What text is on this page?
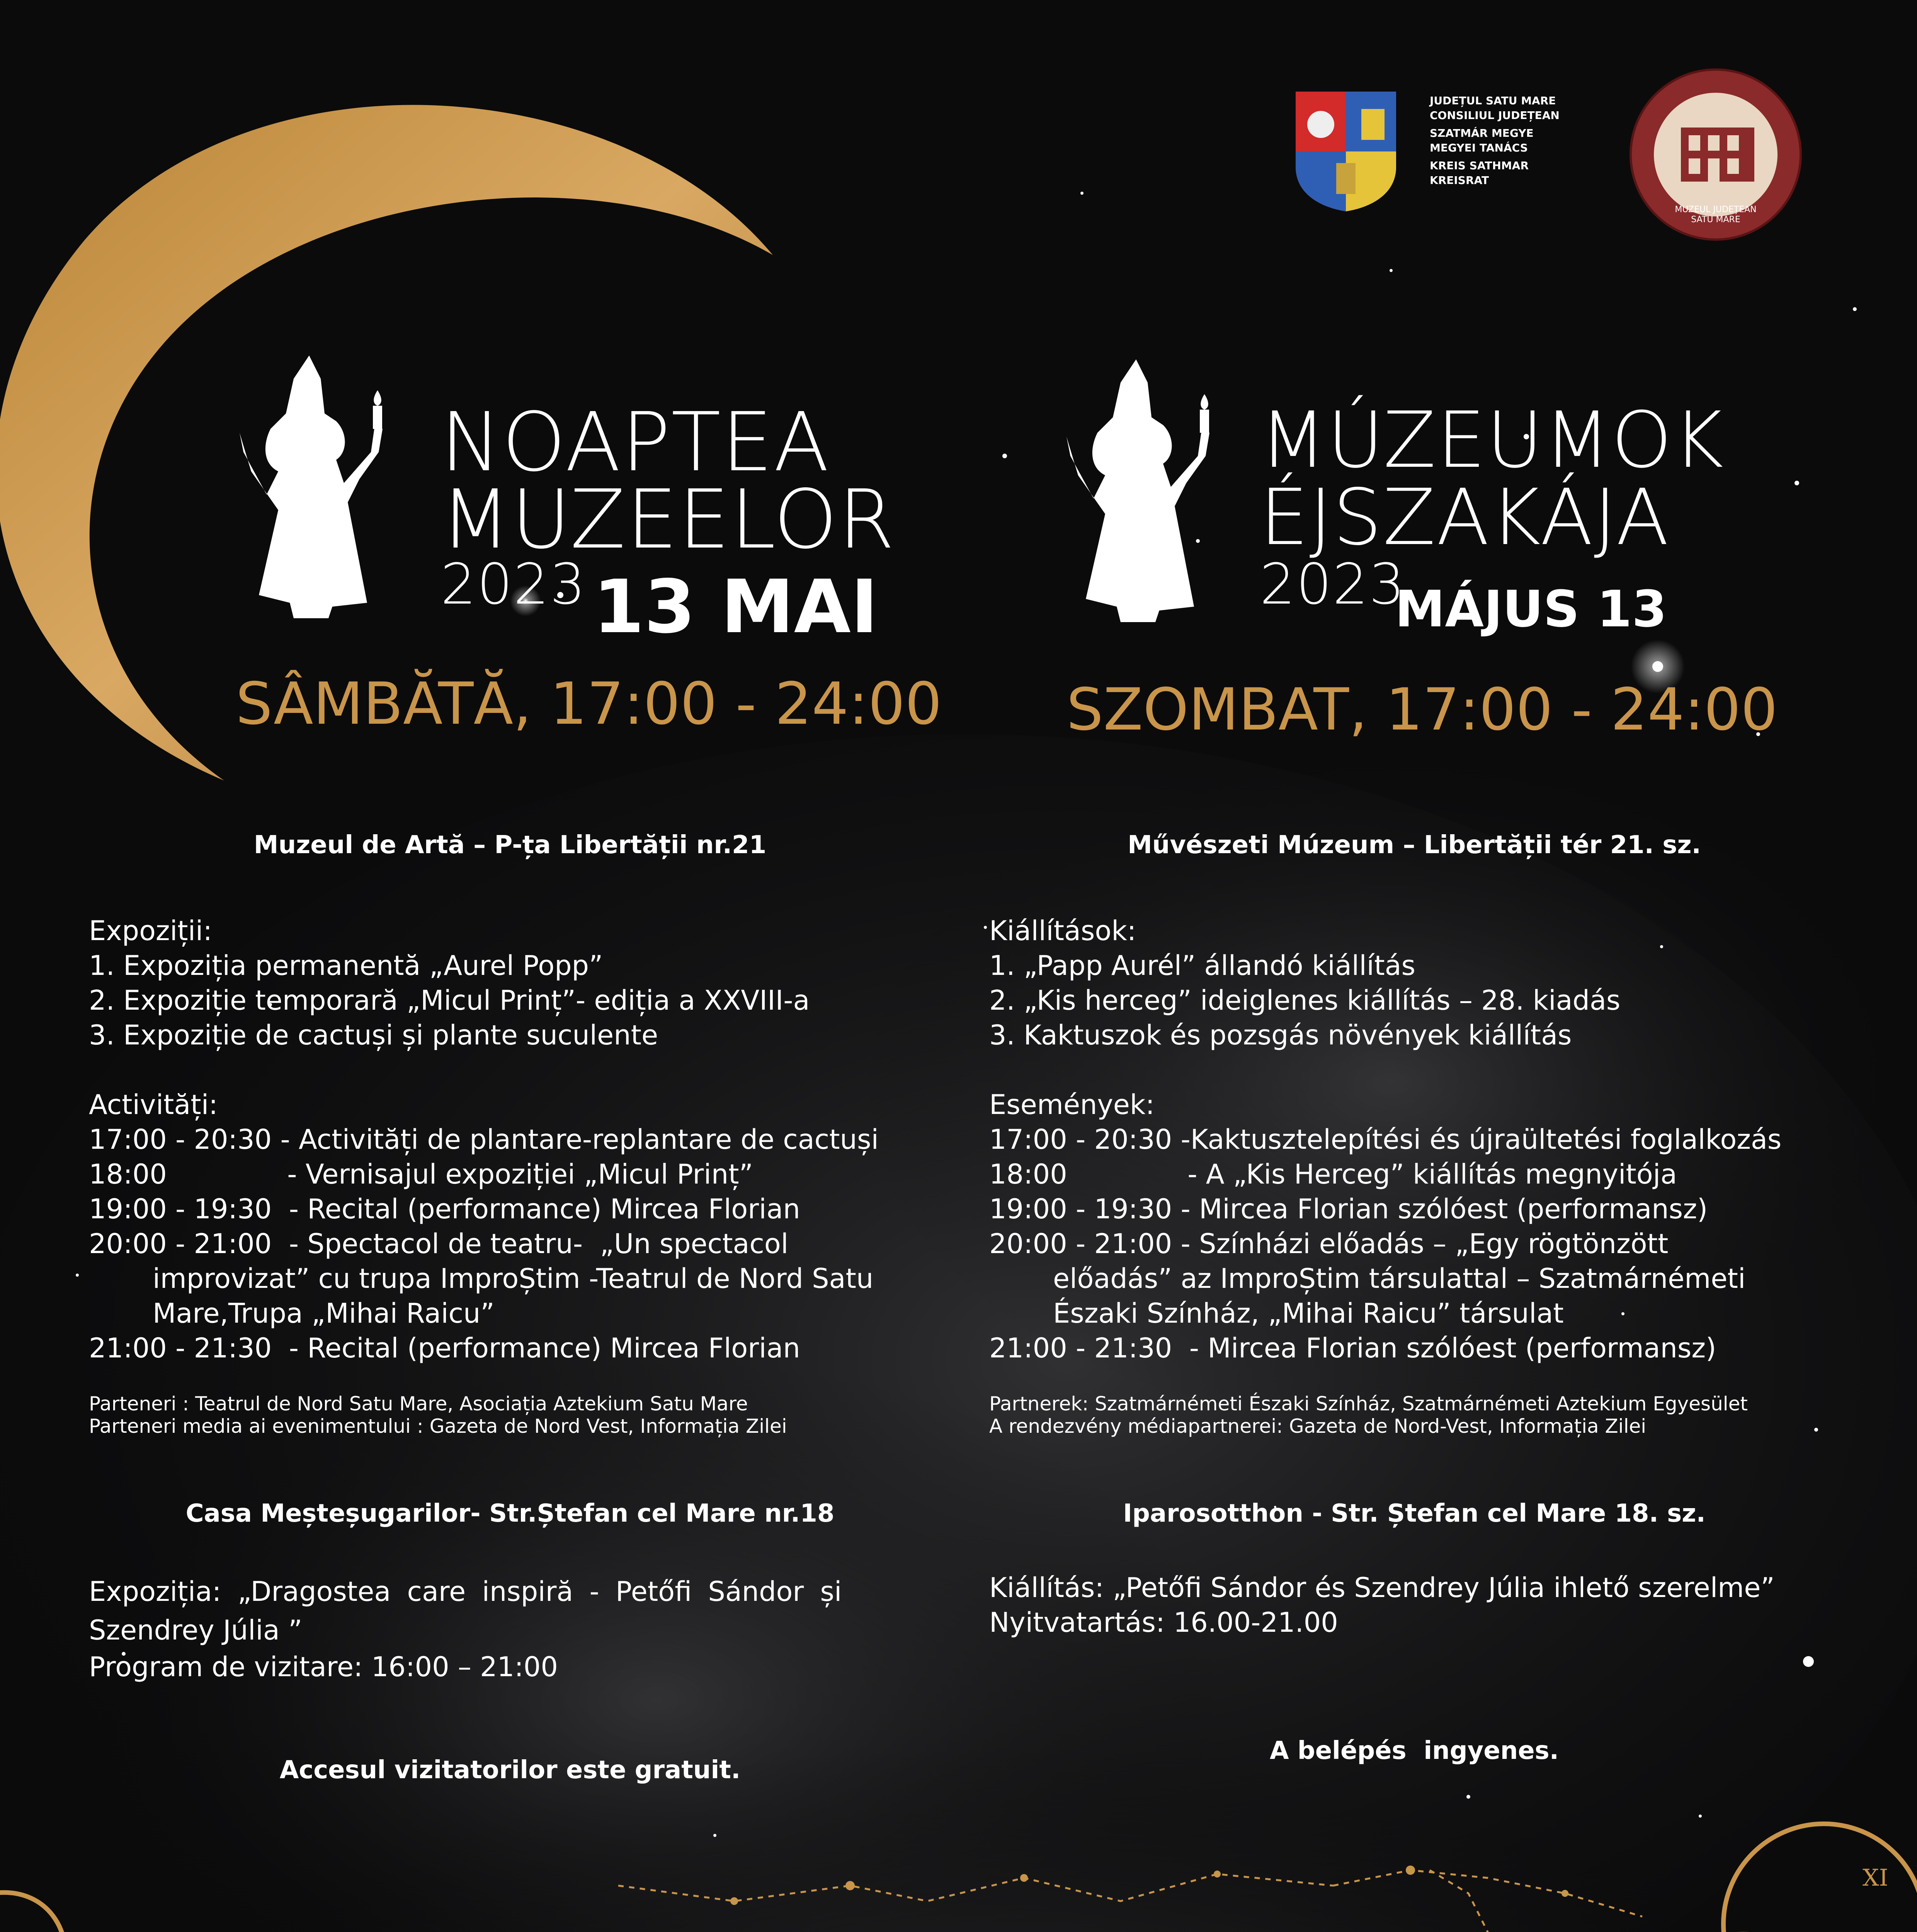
XI
JUDEȚUL SATU MARE
CONSILIUL JUDEȚEAN
SZATMÁR MEGYE
MEGYEI TANÁCS
KREIS SATHMAR
KREISRAT
MUZEUL JUDEȚEAN
SATU MARE
NOAPTEA
MUZEELOR
2023 13 MAI
SÂMBĂTĂ, 17:00 - 24:00
MÚZEUMOK
ÉJSZAKÁJA
2023
MÁJUS 13
SZOMBAT, 17:00 - 24:00
Muzeul de Artă – P-ța Libertății nr.21
Expoziții:
1. Expoziția permanentă „Aurel Popp”
2. Expoziție temporară „Micul Prinț”- ediția a XXVIII-a
3. Expoziție de cactuși și plante suculente
Activități:
17:00 - 20:30 - Activități de plantare-replantare de cactuși
18:00              - Vernisajul expoziției „Micul Prinț”
19:00 - 19:30  - Recital (performance) Mircea Florian
20:00 - 21:00  - Spectacol de teatru-  „Un spectacol
improvizat” cu trupa ImproȘtim -Teatrul de Nord Satu
Mare,Trupa „Mihai Raicu”
21:00 - 21:30  - Recital (performance) Mircea Florian
Parteneri : Teatrul de Nord Satu Mare, Asociația Aztekium Satu Mare
Parteneri media ai evenimentului : Gazeta de Nord Vest, Informația Zilei
Casa Meșteșugarilor- Str.Ștefan cel Mare nr.18
Expoziția: „Dragostea care inspiră - Petőfi Sándor și
Szendrey Júlia ”
Program de vizitare: 16:00 – 21:00
Accesul vizitatorilor este gratuit.
Művészeti Múzeum – Libertății tér 21. sz.
Kiállítások:
1. „Papp Aurél” állandó kiállítás
2. „Kis herceg” ideiglenes kiállítás – 28. kiadás
3. Kaktuszok és pozsgás növények kiállítás
Események:
17:00 - 20:30 -Kaktusztelepítési és újraültetési foglalkozás
18:00              - A „Kis Herceg” kiállítás megnyitója
19:00 - 19:30 - Mircea Florian szólóest (performansz)
20:00 - 21:00 - Színházi előadás – „Egy rögtönzött
előadás” az ImproȘtim társulattal – Szatmárnémeti
Északi Színház, „Mihai Raicu” társulat
21:00 - 21:30  - Mircea Florian szólóest (performansz)
Partnerek: Szatmárnémeti Északi Színház, Szatmárnémeti Aztekium Egyesület
A rendezvény médiapartnerei: Gazeta de Nord-Vest, Informația Zilei
Iparosotthon - Str. Ștefan cel Mare 18. sz.
Kiállítás: „Petőfi Sándor és Szendrey Júlia ihlető szerelme”
Nyitvatartás: 16.00-21.00
A belépés  ingyenes.
